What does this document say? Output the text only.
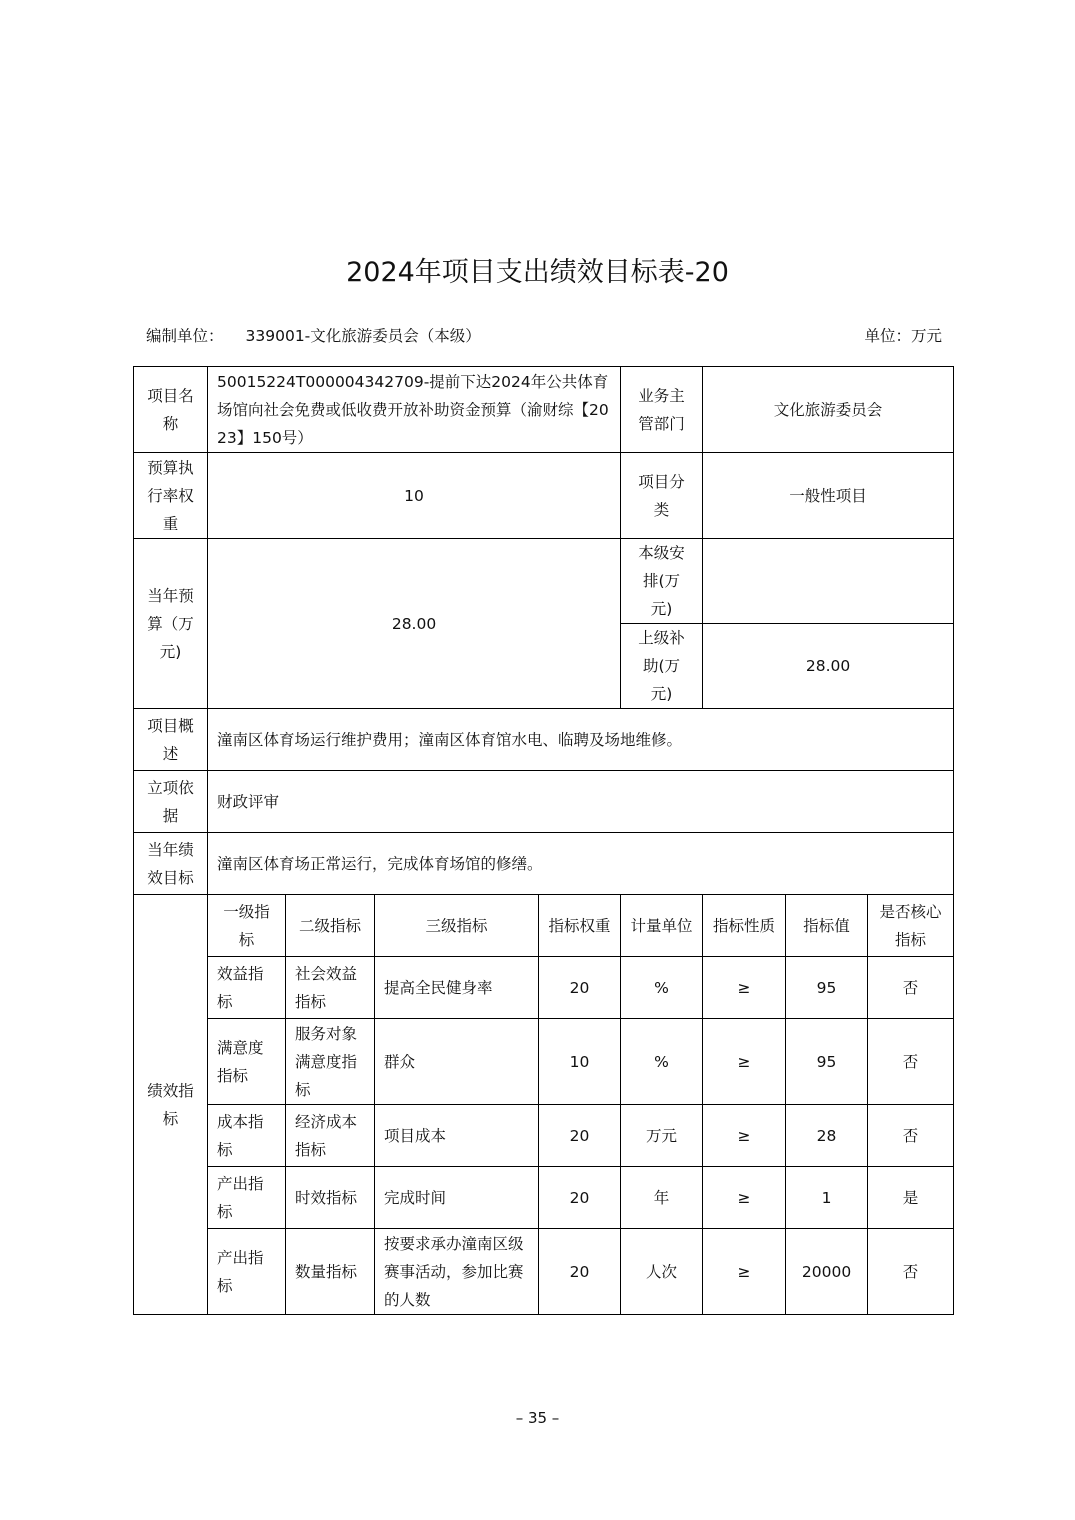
2024年项目支出绩效目标表-20
编制单位： 339001-文化旅游委员会（本级）	单位：万元
项目名称	50015224T000004342709-提前下达2024年公共体育场馆向社会免费或低收费开放补助资金预算（渝财综【2023】150号）				业务主管部门	文化旅游委员会		
预算执行率权重	10				项目分类	一般性项目		
当年预算（万元)	28.00				本级安排(万元)			
					上级补助(万元)	28.00		
项目概述	潼南区体育场运行维护费用；潼南区体育馆水电、临聘及场地维修。							
立项依据	财政评审							
当年绩效目标	潼南区体育场正常运行，完成体育场馆的修缮。							
绩效指标	一级指标	二级指标	三级指标	指标权重	计量单位	指标性质	指标值	是否核心指标
	效益指标	社会效益指标	提高全民健身率	20	%	≥	95	否
	满意度指标	服务对象满意度指标	群众	10	%	≥	95	否
	成本指标	经济成本指标	项目成本	20	万元	≥	28	否
	产出指标	时效指标	完成时间	20	年	≥	1	是
	产出指标	数量指标	按要求承办潼南区级赛事活动，参加比赛的人数	20	人次	≥	20000	否
– 35 –
